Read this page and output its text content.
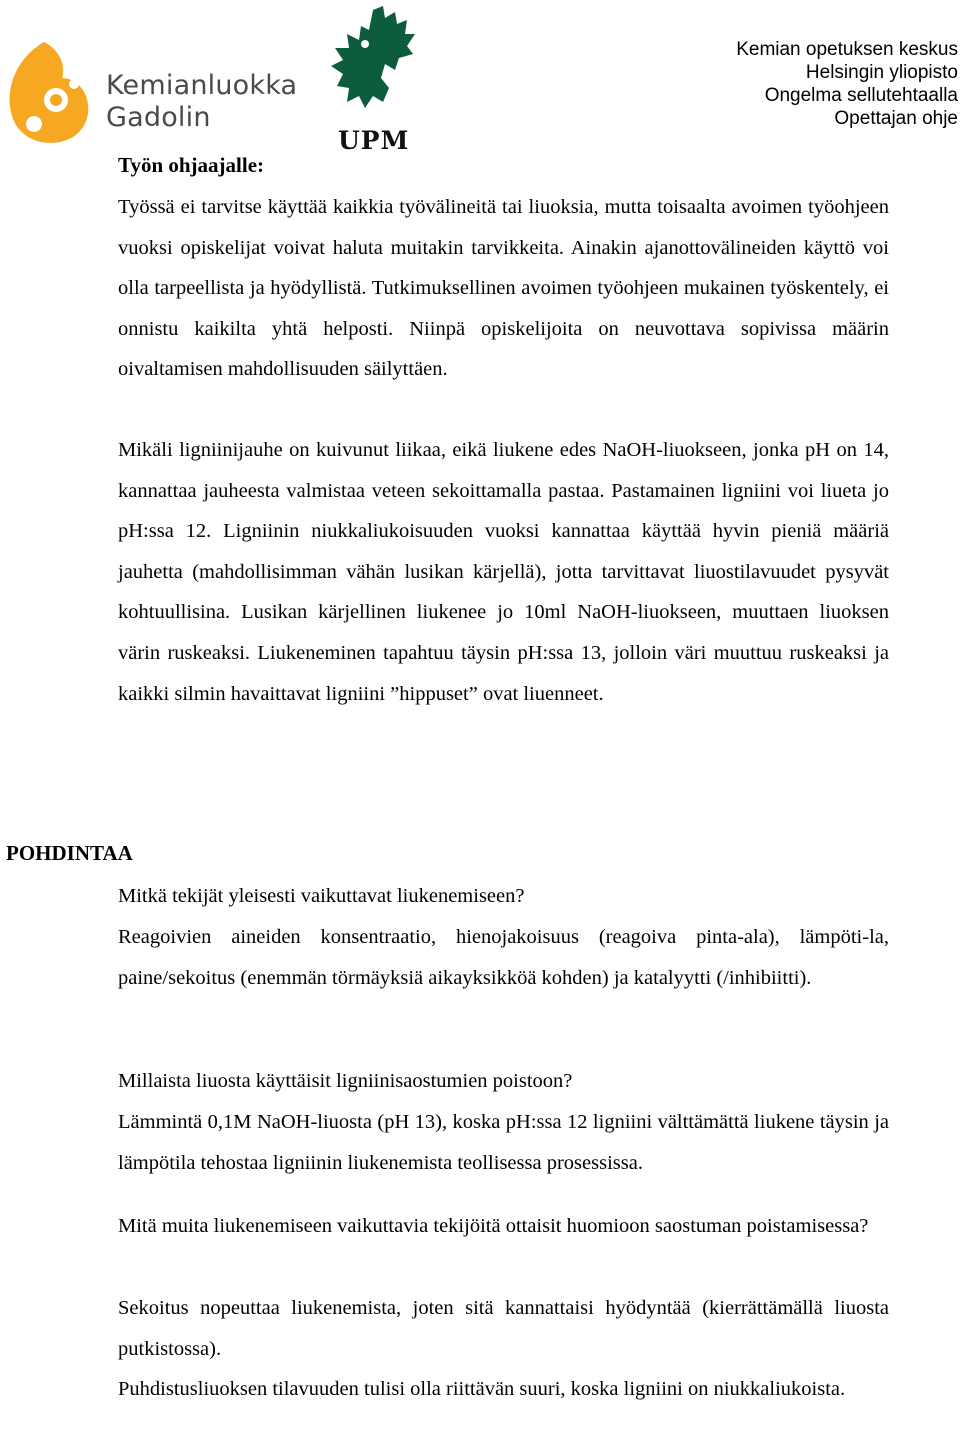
Kemianluokka
Gadolin
UPM
Kemian opetuksen keskus
Helsingin yliopisto
Ongelma sellutehtaalla
Opettajan ohje
Työn ohjaajalle:
Työssä ei tarvitse käyttää kaikkia työvälineitä tai liuoksia, mutta toisaalta avoimen työohjeen vuoksi opiskelijat voivat haluta muitakin tarvikkeita. Ainakin ajanottovälineiden käyttö voi olla tarpeellista ja hyödyllistä. Tutkimuksellinen avoimen työohjeen mukainen työskentely, ei onnistu kaikilta yhtä helposti. Niinpä opiskelijoita on neuvottava sopivissa määrin oivaltamisen mahdollisuuden säilyttäen.
Mikäli ligniinijauhe on kuivunut liikaa, eikä liukene edes NaOH-liuokseen, jonka pH on 14, kannattaa jauheesta valmistaa veteen sekoittamalla pastaa. Pastamainen ligniini voi liueta jo pH:ssa 12. Ligniinin niukkaliukoisuuden vuoksi kannattaa käyttää hyvin pieniä määriä jauhetta (mahdollisimman vähän lusikan kärjellä), jotta tarvittavat liuostilavuudet pysyvät kohtuullisina. Lusikan kärjellinen liukenee jo 10ml NaOH-liuokseen, muuttaen liuoksen värin ruskeaksi. Liukeneminen tapahtuu täysin pH:ssa 13, jolloin väri muuttuu ruskeaksi ja kaikki silmin havaittavat ligniini ”hippuset” ovat liuenneet.
POHDINTAA
Mitkä tekijät yleisesti vaikuttavat liukenemiseen?
Reagoivien aineiden konsentraatio, hienojakoisuus (reagoiva pinta-ala), lämpöti-la, paine/sekoitus (enemmän törmäyksiä aikayksikköä kohden) ja katalyytti (/inhibiitti).
Millaista liuosta käyttäisit ligniinisaostumien poistoon?
Lämmintä 0,1M NaOH-liuosta (pH 13), koska pH:ssa 12 ligniini välttämättä liukene täysin ja lämpötila tehostaa ligniinin liukenemista teollisessa prosessissa.
Mitä muita liukenemiseen vaikuttavia tekijöitä ottaisit huomioon saostuman poistamisessa?
Sekoitus nopeuttaa liukenemista, joten sitä kannattaisi hyödyntää (kierrättämällä liuosta putkistossa).
Puhdistusliuoksen tilavuuden tulisi olla riittävän suuri, koska ligniini on niukkaliukoista.
